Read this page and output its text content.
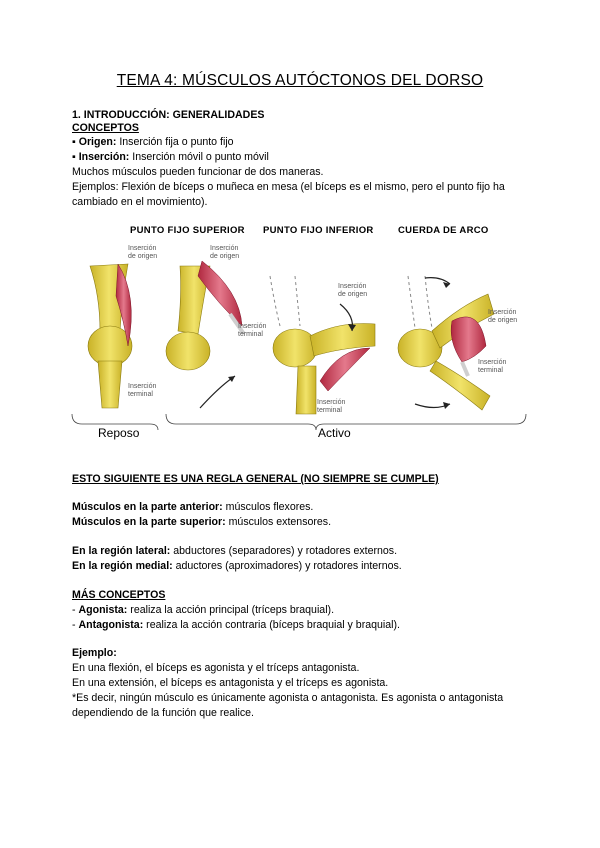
TEMA 4: MÚSCULOS AUTÓCTONOS DEL DORSO
1. INTRODUCCIÓN: GENERALIDADES
CONCEPTOS
▪ Origen: Inserción fija o punto fijo
▪ Inserción: Inserción móvil o punto móvil
Muchos músculos pueden funcionar de dos maneras.
Ejemplos: Flexión de bíceps o muñeca en mesa (el bíceps es el mismo, pero el punto fijo ha
cambiado en el movimiento).
PUNTO FIJO SUPERIOR PUNTO FIJO INFERIOR	CUERDA DE ARCO
Inserción
de origen
Inserción
terminal
Inserción
de origen
Inserción
terminal
Inserción
de origen
Inserción
terminal
Inserción
de origen
Inserción
terminal
Reposo	Activo
ESTO SIGUIENTE ES UNA REGLA GENERAL (NO SIEMPRE SE CUMPLE)
Músculos en la parte anterior: músculos flexores.
Músculos en la parte superior: músculos extensores.
En la región lateral: abductores (separadores) y rotadores externos.
En la región medial: aductores (aproximadores) y rotadores internos.
MÁS CONCEPTOS
- Agonista: realiza la acción principal (tríceps braquial).
- Antagonista: realiza la acción contraria (bíceps braquial y braquial).
Ejemplo:
En una flexión, el bíceps es agonista y el tríceps antagonista.
En una extensión, el bíceps es antagonista y el tríceps es agonista.
*Es decir, ningún músculo es únicamente agonista o antagonista. Es agonista o antagonista
dependiendo de la función que realice.
